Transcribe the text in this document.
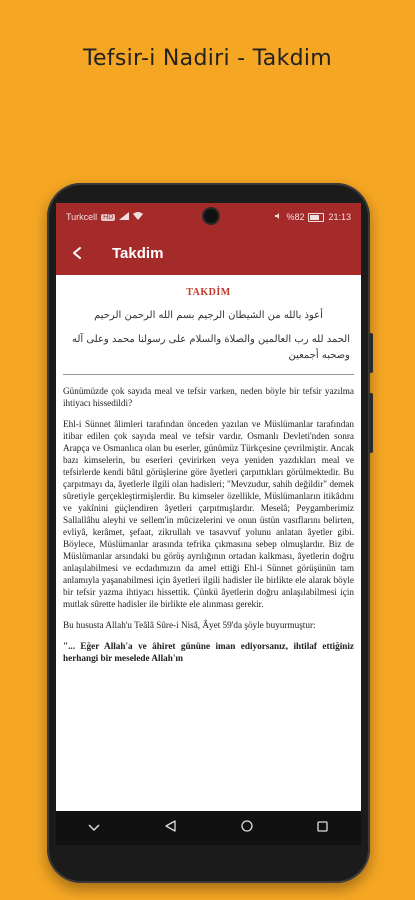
Tefsir-i Nadiri - Takdim
Turkcell HD	%82	21:13
Takdim
TAKDİM
أعوذ بالله من الشيطان الرجيم بسم الله الرحمن الرحيم
الحمد لله رب العالمين والصلاة والسلام على رسولنا محمد وعلى آله وصحبه أجمعين

Günümüzde çok sayıda meal ve tefsir varken, neden böyle bir tefsir yazılma ihtiyacı hissedildi?

Ehl-i Sünnet âlimleri tarafından önceden yazılan ve Müslümanlar tarafından itibar edilen çok sayıda meal ve tefsir vardır. Osmanlı Devleti'nden sonra Arapça ve Osmanlıca olan bu eserler, günümüz Türkçesine çevrilmiştir. Ancak bazı kimselerin, bu eserleri çevirirken veya yeniden yazdıkları meal ve tefsirlerde kendi bâtıl görüşlerine göre âyetleri çarpıttıkları görülmektedir. Bu çarpıtmayı da, âyetlerle ilgili olan hadisleri; "Mevzudur, sahih değildir" demek sûretiyle gerçekleştirmişlerdir. Bu kimseler özellikle, Müslümanların itikâdını ve yakînini güçlendiren âyetleri çarpıtmışlardır. Meselâ; Peygamberimiz Sallallâhu aleyhi ve sellem'in mûcizelerini ve onun üstün vasıflarını belirten, evliyâ, kerâmet, şefaat, zikrullah ve tasavvuf yolunu anlatan âyetler gibi. Böylece, Müslümanlar arasında tefrika çıkmasına sebep olmuşlardır. Biz de Müslümanlar arsındaki bu görüş ayrılığının ortadan kalkması, âyetlerin doğru anlaşılabilmesi ve ecdadımızın da amel ettiği Ehl-i Sünnet görüşünün tam anlamıyla yaşanabilmesi için âyetleri ilgili hadisler ile birlikte ele alarak böyle bir tefsir yazma ihtiyacı hissettik. Çünkü âyetlerin doğru anlaşılabilmesi için mutlak sûrette hadisler ile birlikte ele alınması gerekir.

Bu hususta Allah'u Teâlâ Sûre-i Nisâ, Âyet 59'da şöyle buyurmuştur:

"... Eğer Allah'a ve âhiret gününe iman ediyorsanız, ihtilaf ettiğiniz herhangi bir meselede Allah'ın
